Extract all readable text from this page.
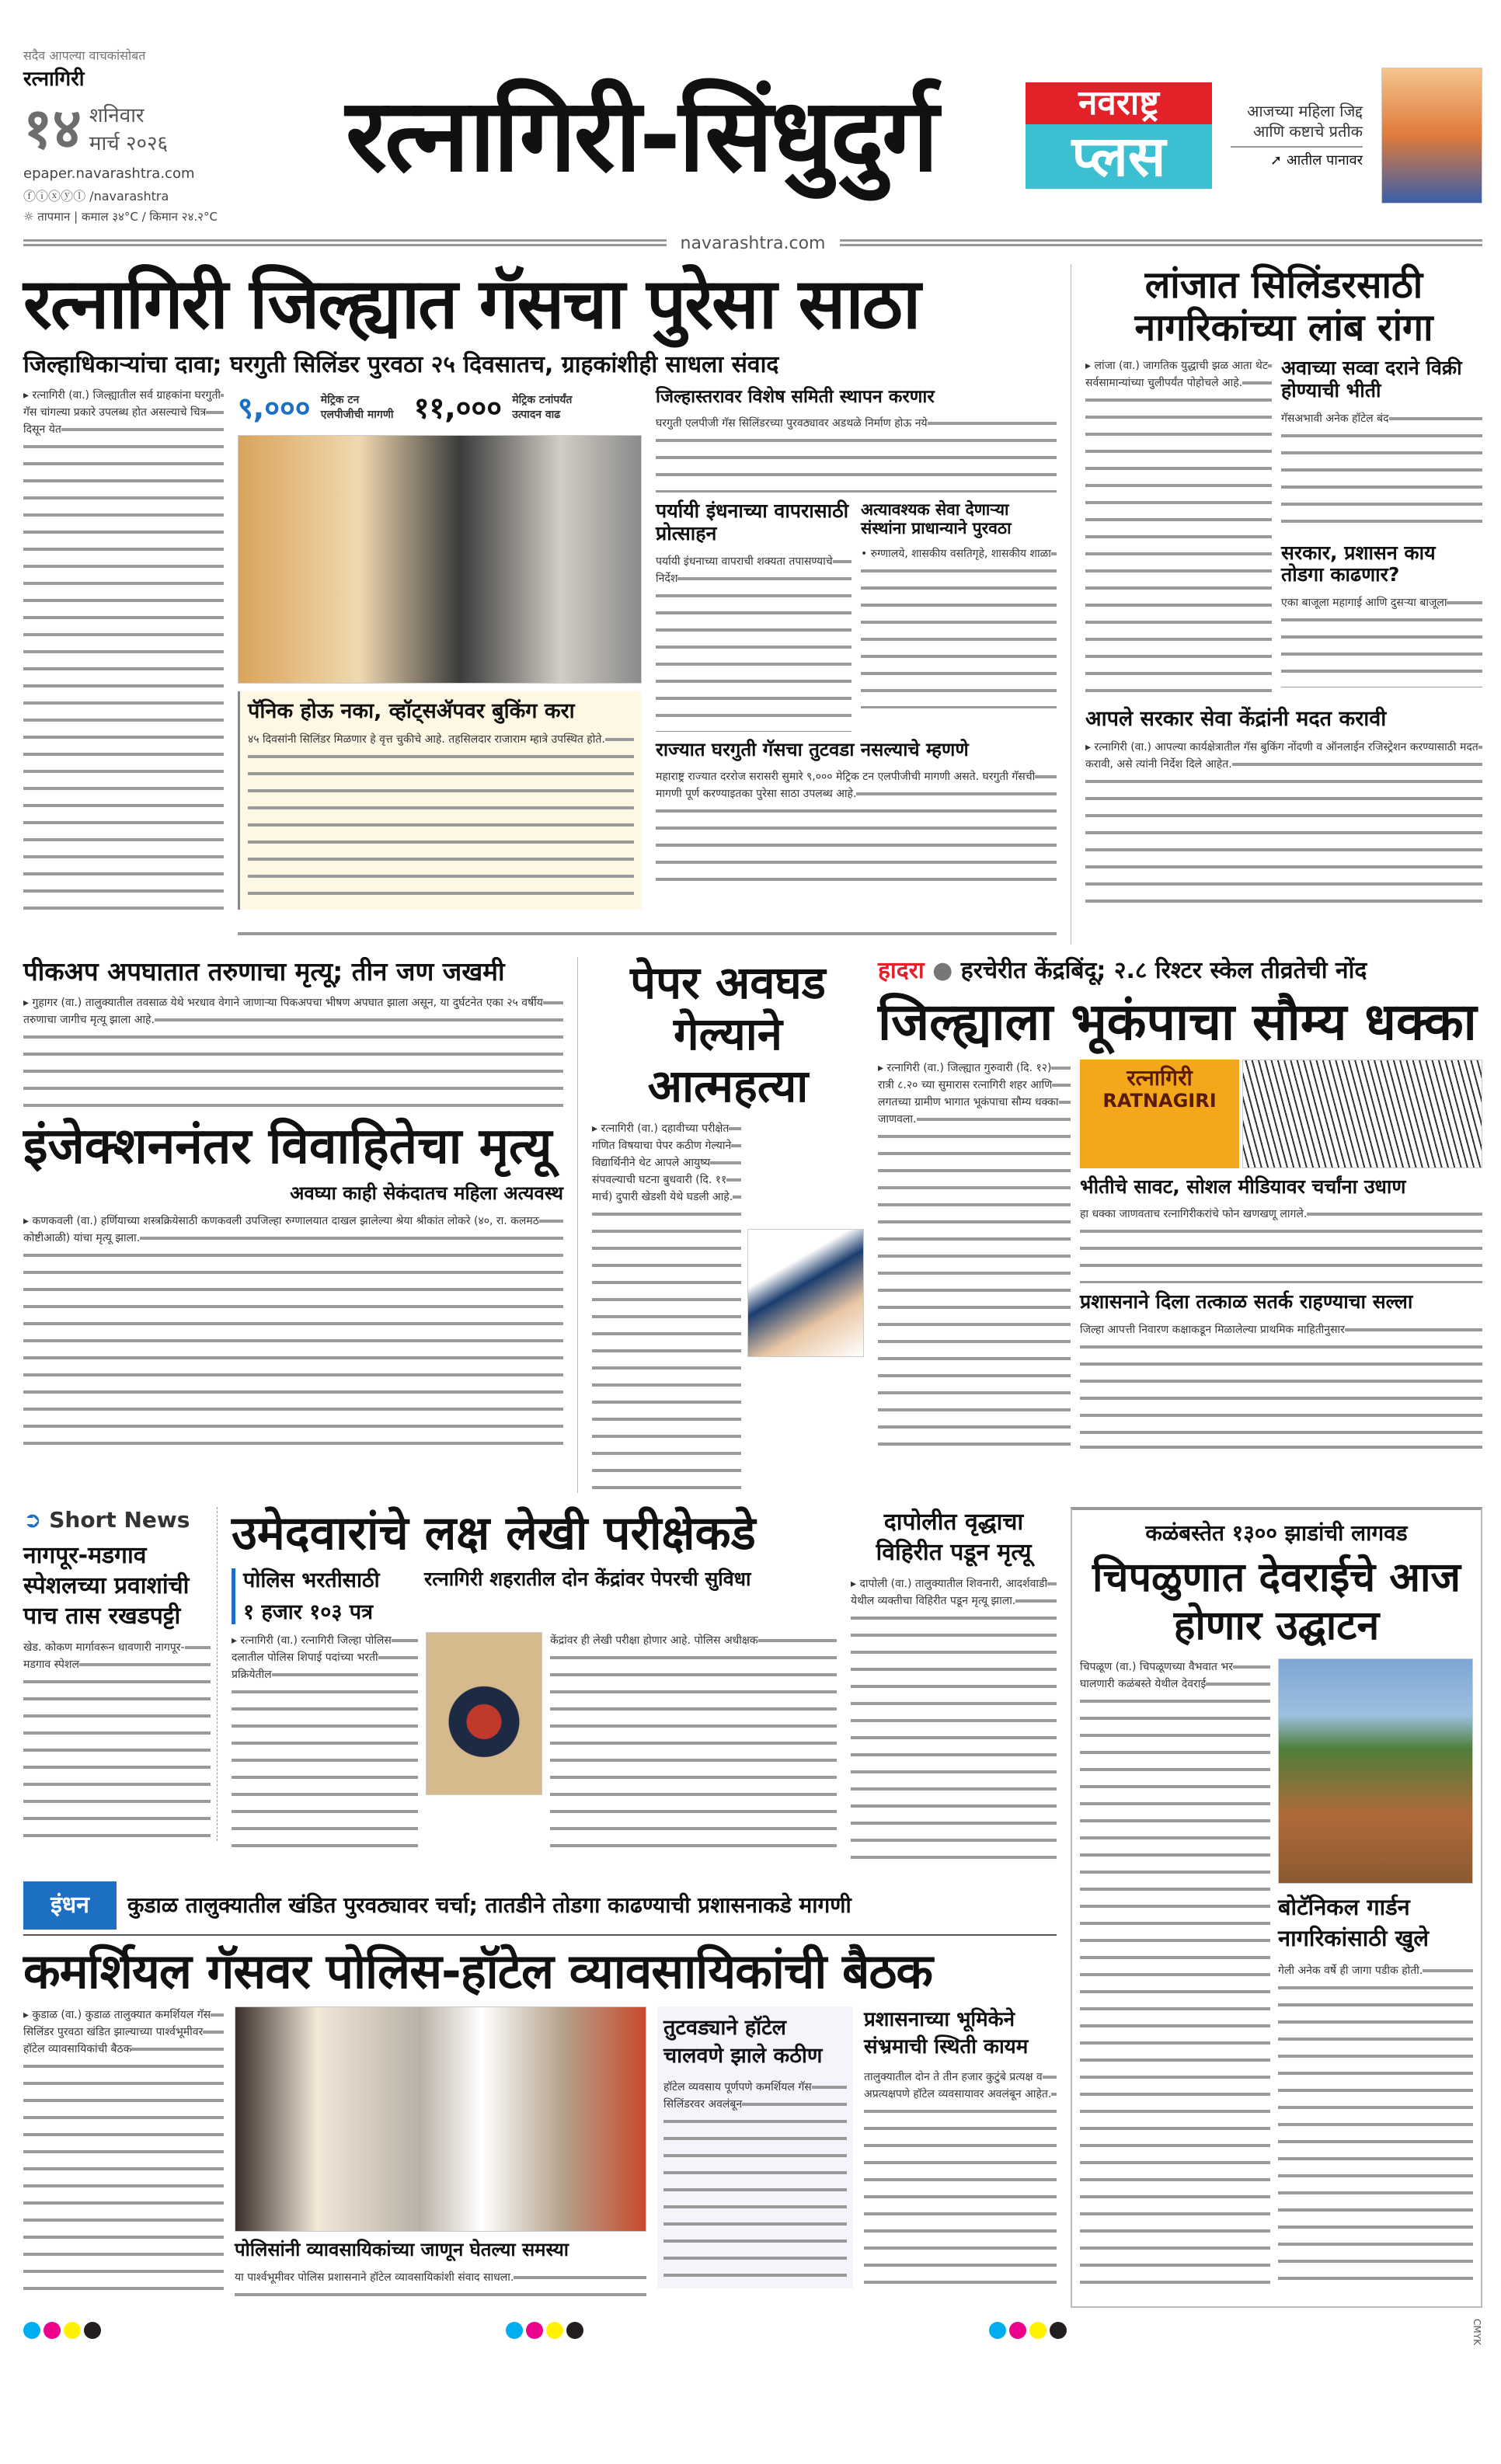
सदैव आपल्या वाचकांसोबत
रत्नागिरी
१४ शनिवार
मार्च २०२६
epaper.navarashtra.com
ⓕⓘⓧⓨⓛ /navarashtra
☼ तापमान | कमाल ३४°C / किमान २४.२°C
रत्नागिरी-सिंधुदुर्ग	नवराष्ट्र
प्लस
आजच्या महिला जिद्द आणि कष्टाचे प्रतीक
➚ आतील पानावर
navarashtra.com
रत्नागिरी जिल्ह्यात गॅसचा पुरेसा साठा
जिल्हाधिकाऱ्यांचा दावा; घरगुती सिलिंडर पुरवठा २५ दिवसातच, ग्राहकांशीही साधला संवाद
▸ रत्नागिरी (वा.) जिल्ह्यातील सर्व ग्राहकांना घरगुती गॅस चांगल्या प्रकारे उपलब्ध होत असल्याचे चित्र दिसून येत
९,००० मेट्रिक टन एलपीजीची मागणी ११,००० मेट्रिक टनांपर्यंत उत्पादन वाढ
पॅनिक होऊ नका, व्हॉट्सॲपवर बुकिंग करा
४५ दिवसांनी सिलिंडर मिळणार हे वृत्त चुकीचे आहे. तहसिलदार राजाराम म्हात्रे उपस्थित होते.
जिल्हास्तरावर विशेष समिती स्थापन करणार
घरगुती एलपीजी गॅस सिलिंडरच्या पुरवठ्यावर अडथळे निर्माण होऊ नये
पर्यायी इंधनाच्या वापरासाठी प्रोत्साहन
पर्यायी इंधनाच्या वापराची शक्यता तपासण्याचे निर्देश
अत्यावश्यक सेवा देणाऱ्या संस्थांना प्राधान्याने पुरवठा
• रुग्णालये, शासकीय वसतिगृहे, शासकीय शाळा
राज्यात घरगुती गॅसचा तुटवडा नसल्याचे म्हणणे
महाराष्ट्र राज्यात दररोज सरासरी सुमारे ९,००० मेट्रिक टन एलपीजीची मागणी असते. घरगुती गॅसची मागणी पूर्ण करण्याइतका पुरेसा साठा उपलब्ध आहे.
लांजात सिलिंडरसाठी नागरिकांच्या लांब रांगा
▸ लांजा (वा.) जागतिक युद्धाची झळ आता थेट सर्वसामान्यांच्या चुलीपर्यंत पोहोचले आहे.
अवाच्या सव्वा दराने विक्री होण्याची भीती
गॅसअभावी अनेक हॉटेल बंद
सरकार, प्रशासन काय तोडगा काढणार?
एका बाजूला महागाई आणि दुसऱ्या बाजूला
आपले सरकार सेवा केंद्रांनी मदत करावी
▸ रत्नागिरी (वा.) आपल्या कार्यक्षेत्रातील गॅस बुकिंग नोंदणी व ऑनलाईन रजिस्ट्रेशन करण्यासाठी मदत करावी, असे त्यांनी निर्देश दिले आहेत.
पीकअप अपघातात तरुणाचा मृत्यू; तीन जण जखमी
▸ गुहागर (वा.) तालुक्यातील तवसाळ येथे भरधाव वेगाने जाणाऱ्या पिकअपचा भीषण अपघात झाला असून, या दुर्घटनेत एका २५ वर्षीय तरुणाचा जागीच मृत्यू झाला आहे.
इंजेक्शननंतर विवाहितेचा मृत्यू
अवघ्या काही सेकंदातच महिला अत्यवस्थ
▸ कणकवली (वा.) हर्णियाच्या शस्त्रक्रियेसाठी कणकवली उपजिल्हा रुग्णालयात दाखल झालेल्या श्रेया श्रीकांत लोकरे (४०, रा. कलमठ कोष्टीआळी) यांचा मृत्यू झाला.
पेपर अवघड गेल्याने आत्महत्या
▸ रत्नागिरी (वा.) दहावीच्या परीक्षेत गणित विषयाचा पेपर कठीण गेल्याने विद्यार्थिनीने थेट आपले आयुष्य संपवल्याची घटना बुधवारी (दि. ११ मार्च) दुपारी खेडशी येथे घडली आहे.
हादरा ● हरचेरीत केंद्रबिंदू; २.८ रिश्टर स्केल तीव्रतेची नोंद
जिल्ह्याला भूकंपाचा सौम्य धक्का
▸ रत्नागिरी (वा.) जिल्ह्यात गुरुवारी (दि. १२) रात्री ८.२० च्या सुमारास रत्नागिरी शहर आणि लगतच्या ग्रामीण भागात भूकंपाचा सौम्य धक्का जाणवला.
रत्नागिरी
RATNAGIRI
भीतीचे सावट, सोशल मीडियावर चर्चांना उधाण
हा धक्का जाणवताच रत्नागिरीकरांचे फोन खणखणू लागले.
प्रशासनाने दिला तत्काळ सतर्क राहण्याचा सल्ला
जिल्हा आपत्ती निवारण कक्षाकडून मिळालेल्या प्राथमिक माहितीनुसार
➲ Short News
नागपूर-मडगाव स्पेशलच्या प्रवाशांची पाच तास रखडपट्टी
खेड. कोकण मार्गावरून धावणारी नागपूर-मडगाव स्पेशल
उमेदवारांचे लक्ष लेखी परीक्षेकडे
पोलिस भरतीसाठी
१ हजार १०३ पत्र
रत्नागिरी शहरातील दोन केंद्रांवर पेपरची सुविधा
▸ रत्नागिरी (वा.) रत्नागिरी जिल्हा पोलिस दलातील पोलिस शिपाई पदांच्या भरती प्रक्रियेतील
केंद्रांवर ही लेखी परीक्षा होणार आहे. पोलिस अधीक्षक
दापोलीत वृद्धाचा विहिरीत पडून मृत्यू
▸ दापोली (वा.) तालुक्यातील शिवनारी, आदर्शवाडी येथील व्यक्तीचा विहिरीत पडून मृत्यू झाला.
इंधन	कुडाळ तालुक्यातील खंडित पुरवठ्यावर चर्चा; तातडीने तोडगा काढण्याची प्रशासनाकडे मागणी
कमर्शियल गॅसवर पोलिस-हॉटेल व्यावसायिकांची बैठक
▸ कुडाळ (वा.) कुडाळ तालुक्यात कमर्शियल गॅस सिलिंडर पुरवठा खंडित झाल्याच्या पार्श्वभूमीवर हॉटेल व्यावसायिकांची बैठक
पोलिसांनी व्यावसायिकांच्या जाणून घेतल्या समस्या
या पार्श्वभूमीवर पोलिस प्रशासनाने हॉटेल व्यावसायिकांशी संवाद साधला.
तुटवड्याने हॉटेल चालवणे झाले कठीण
हॉटेल व्यवसाय पूर्णपणे कमर्शियल गॅस सिलिंडरवर अवलंबून
प्रशासनाच्या भूमिकेने संभ्रमाची स्थिती कायम
तालुक्यातील दोन ते तीन हजार कुटुंबे प्रत्यक्ष व अप्रत्यक्षपणे हॉटेल व्यवसायावर अवलंबून आहेत.
कळंबस्तेत १३०० झाडांची लागवड
चिपळुणात देवराईचे आज होणार उद्घाटन
चिपळूण (वा.) चिपळूणच्या वैभवात भर घालणारी कळंबस्ते येथील देवराई
बोटॅनिकल गार्डन नागरिकांसाठी खुले
गेली अनेक वर्षे ही जागा पडीक होती.
CMYK
